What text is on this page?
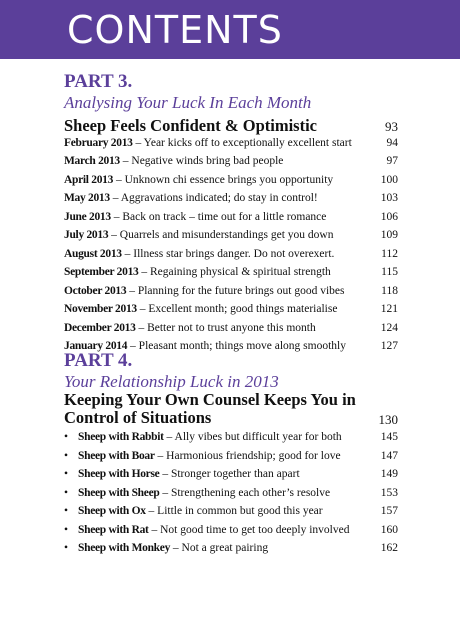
CONTENTS
PART 3.
Analysing Your Luck In Each Month
Sheep Feels Confident & Optimistic	93
February 2013 – Year kicks off to exceptionally excellent start	94
March 2013 – Negative winds bring bad people	97
April 2013 – Unknown chi essence brings you opportunity	100
May 2013 – Aggravations indicated; do stay in control!	103
June 2013 – Back on track – time out for a little romance	106
July 2013 – Quarrels and misunderstandings get you down	109
August 2013 – Illness star brings danger. Do not overexert.	112
September 2013 – Regaining physical & spiritual strength	115
October 2013 – Planning for the future brings out good vibes	118
November 2013 – Excellent month; good things materialise	121
December 2013 – Better not to trust anyone this month	124
January 2014 – Pleasant month; things move along smoothly	127
PART 4.
Your Relationship Luck in 2013
Keeping Your Own Counsel Keeps You in
Control of Situations	130
• Sheep with Rabbit – Ally vibes but difficult year for both	145
• Sheep with Boar – Harmonious friendship; good for love	147
• Sheep with Horse – Stronger together than apart	149
• Sheep with Sheep – Strengthening each other’s resolve	153
• Sheep with Ox – Little in common but good this year	157
• Sheep with Rat – Not good time to get too deeply involved	160
• Sheep with Monkey – Not a great pairing	162
